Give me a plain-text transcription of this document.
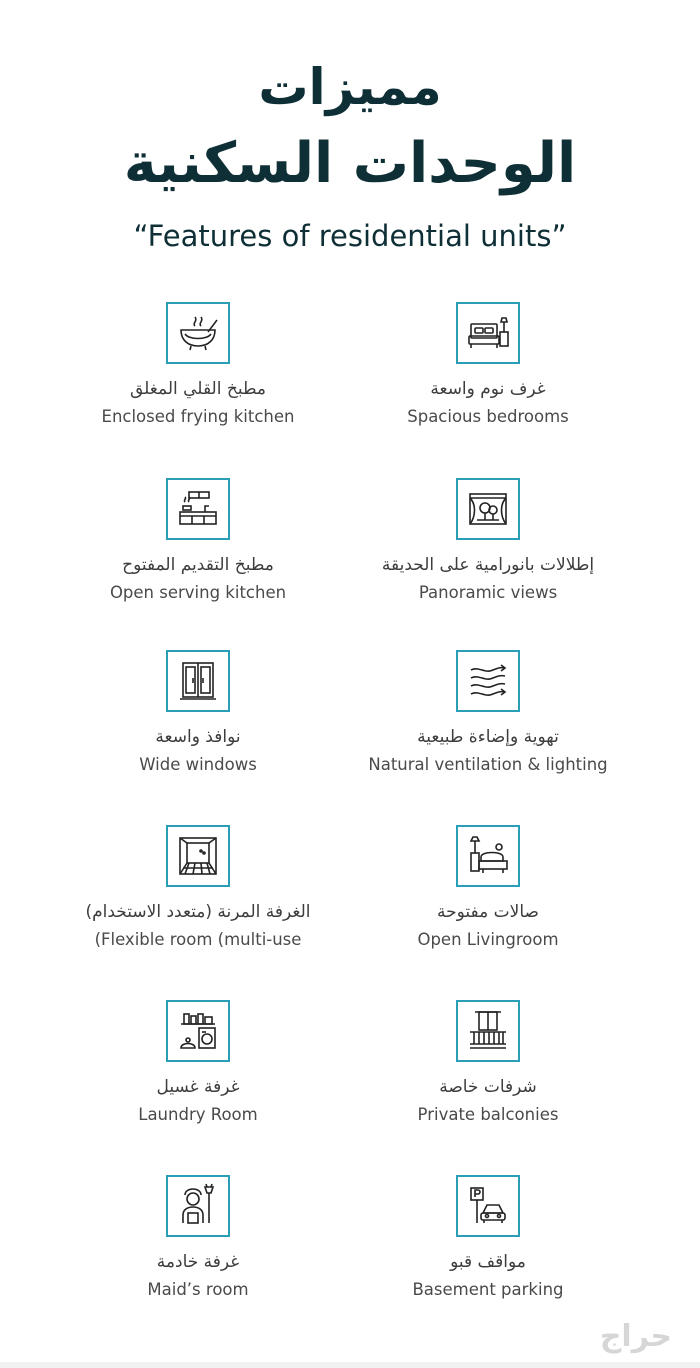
مميزات
الوحدات السكنية
“Features of residential units”
غرف نوم واسعة
Spacious bedrooms
مطبخ القلي المغلق
Enclosed frying kitchen
إطلالات بانورامية على الحديقة
Panoramic views
مطبخ التقديم المفتوح
Open serving kitchen
تهوية وإضاءة طبيعية
Natural ventilation & lighting
نوافذ واسعة
Wide windows
صالات مفتوحة
Open Livingroom
الغرفة المرنة (متعدد الاستخدام)
(Flexible room (multi-use
شرفات خاصة
Private balconies
غرفة غسيل
Laundry Room
مواقف قبو
Basement parking
غرفة خادمة
Maid’s room
حراج
